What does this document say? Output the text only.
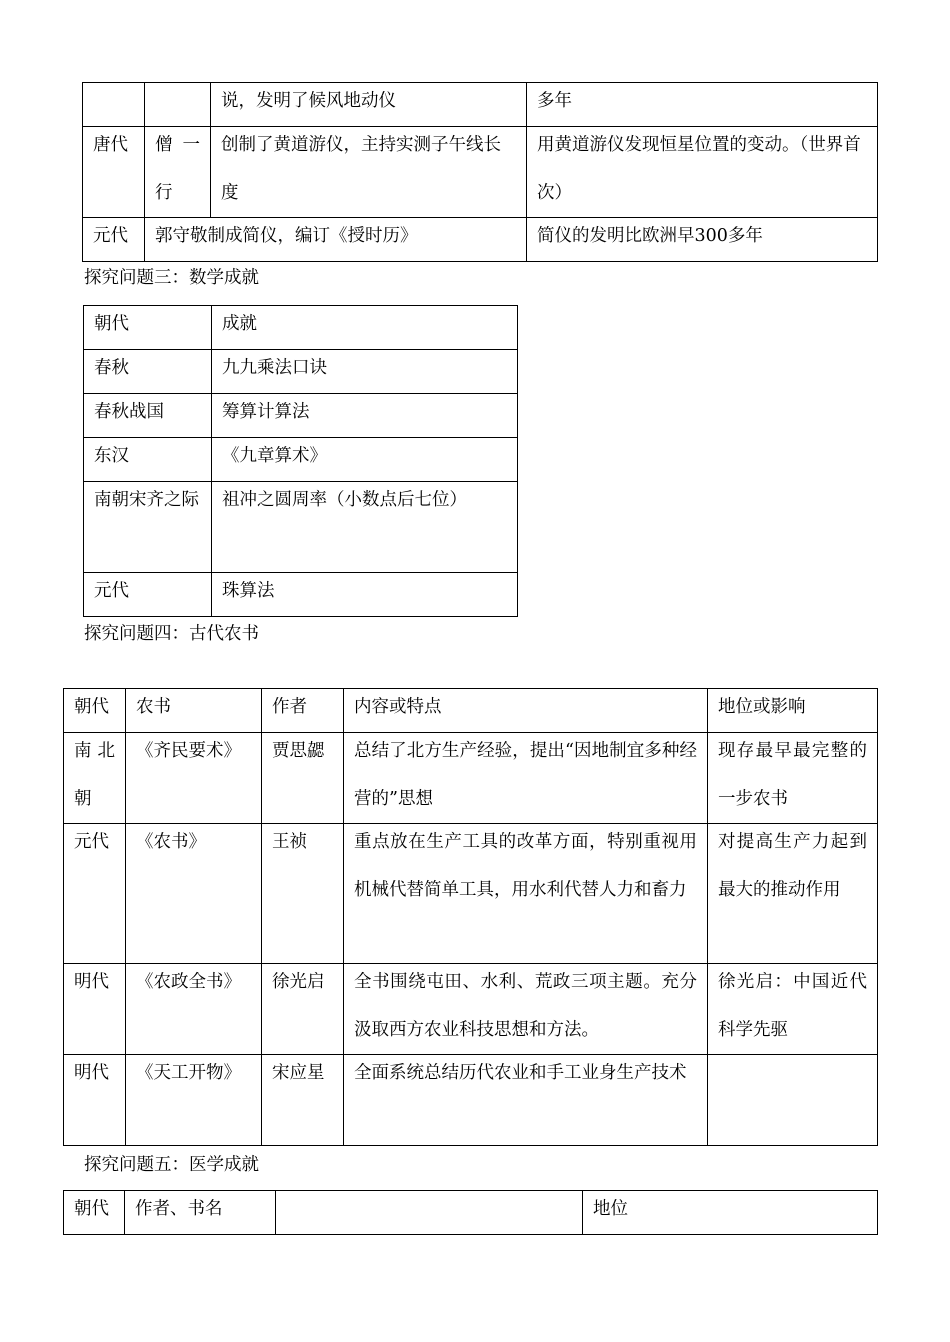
		说，发明了候风地动仪	多年

唐代	僧一行	创制了黄道游仪，主持实测子午线长度	用黄道游仪发现恒星位置的变动。（世界首次）

元代	郭守敬制成简仪，编订《授时历》		简仪的发明比欧洲早300多年
探究问题三：数学成就
朝代	成就

春秋	九九乘法口诀

春秋战国	筹算计算法

东汉	《九章算术》

南朝宋齐之际	祖冲之圆周率（小数点后七位）

元代	珠算法
探究问题四：古代农书
朝代	农书	作者	内容或特点	地位或影响

南北朝	《齐民要术》	贾思勰	总结了北方生产经验，提出“因地制宜多种经营的”思想	现存最早最完整的一步农书

元代	《农书》	王祯	重点放在生产工具的改革方面，特别重视用机械代替简单工具，用水利代替人力和畜力	对提高生产力起到最大的推动作用

明代	《农政全书》	徐光启	全书围绕屯田、水利、荒政三项主题。充分汲取西方农业科技思想和方法。	徐光启：中国近代科学先驱

明代	《天工开物》	宋应星	全面系统总结历代农业和手工业身生产技术	

探究问题五：医学成就
朝代	作者、书名		地位
